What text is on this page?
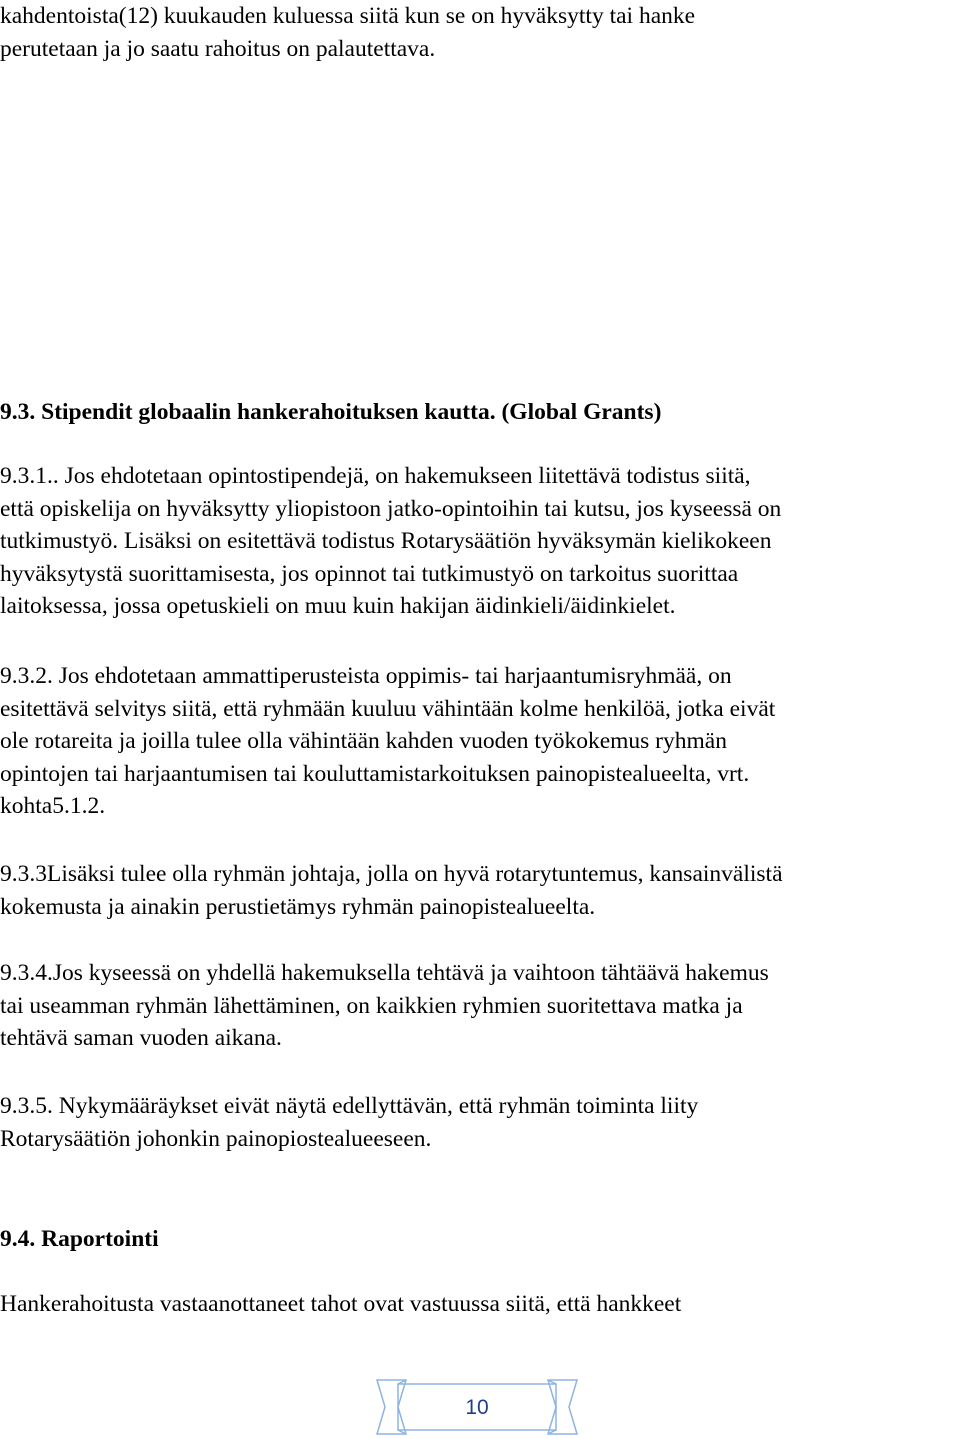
kahdentoista(12) kuukauden kuluessa siitä kun se on hyväksytty tai hanke
perutetaan ja jo saatu rahoitus on palautettava.

9.3. Stipendit globaalin hankerahoituksen kautta. (Global Grants)

9.3.1.. Jos ehdotetaan opintostipendejä, on hakemukseen liitettävä todistus siitä,
että opiskelija on hyväksytty yliopistoon jatko-opintoihin tai kutsu, jos kyseessä on
tutkimustyö. Lisäksi on esitettävä todistus Rotarysäätiön hyväksymän kielikokeen
hyväksytystä suorittamisesta, jos opinnot tai tutkimustyö on tarkoitus suorittaa
laitoksessa, jossa opetuskieli on muu kuin hakijan äidinkieli/äidinkielet.

9.3.2. Jos ehdotetaan ammattiperusteista oppimis- tai harjaantumisryhmää, on
esitettävä selvitys siitä, että ryhmään kuuluu vähintään kolme henkilöä, jotka eivät
ole rotareita ja joilla tulee olla vähintään kahden vuoden työkokemus ryhmän
opintojen tai harjaantumisen tai kouluttamistarkoituksen painopistealueelta, vrt.
kohta5.1.2.

9.3.3Lisäksi tulee olla ryhmän johtaja, jolla on hyvä rotarytuntemus, kansainvälistä
kokemusta ja ainakin perustietämys ryhmän painopistealueelta.

9.3.4.Jos kyseessä on yhdellä hakemuksella tehtävä ja vaihtoon tähtäävä hakemus
tai useamman ryhmän lähettäminen, on kaikkien ryhmien suoritettava matka ja
tehtävä saman vuoden aikana.

9.3.5. Nykymääräykset eivät näytä edellyttävän, että ryhmän toiminta liity
Rotarysäätiön johonkin painopiostealueeseen.

9.4. Raportointi

Hankerahoitusta vastaanottaneet tahot ovat vastuussa siitä, että hankkeet

10
